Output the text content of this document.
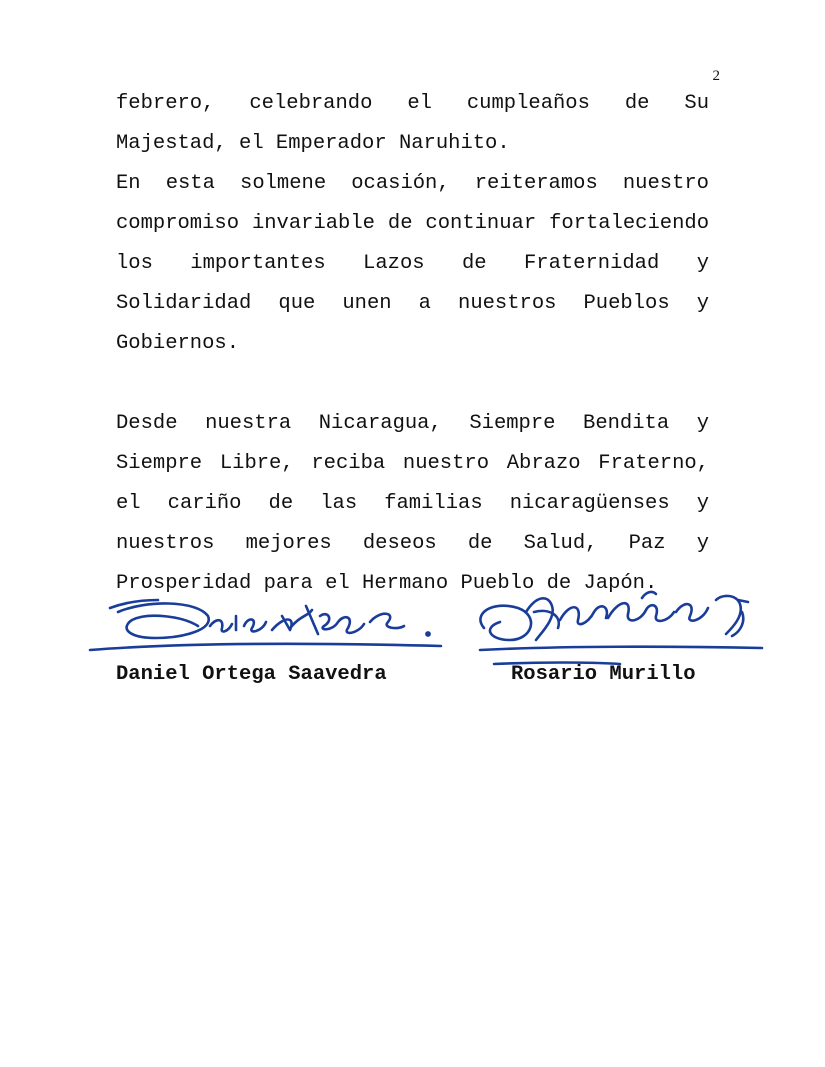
2

febrero, celebrando el cumpleaños de Su Majestad, el Emperador Naruhito.

En esta solmene ocasión, reiteramos nuestro compromiso invariable de continuar fortaleciendo los importantes Lazos de Fraternidad y Solidaridad que unen a nuestros Pueblos y Gobiernos.

Desde nuestra Nicaragua, Siempre Bendita y Siempre Libre, reciba nuestro Abrazo Fraterno, el cariño de las familias nicaragüenses y nuestros mejores deseos de Salud, Paz y Prosperidad para el Hermano Pueblo de Japón.

Daniel Ortega Saavedra	Rosario Murillo
